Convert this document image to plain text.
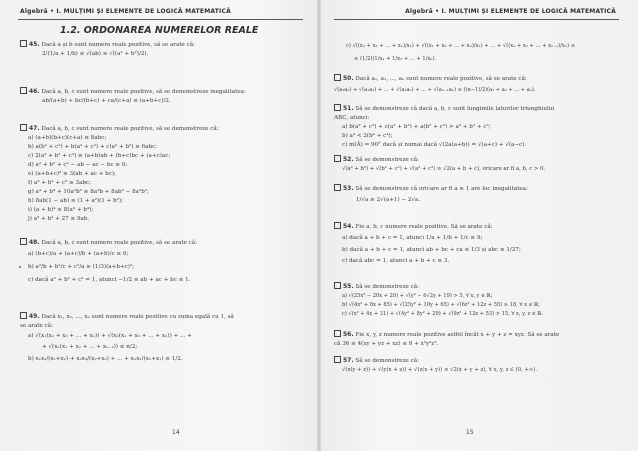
Algebră • I. MULȚIMI ȘI ELEMENTE DE LOGICĂ MATEMATICĂ
1.2. ORDONAREA NUMERELOR REALE
45. Dacă a și b sunt numere reale pozitive, să se arate că:
2/(1/a + 1/b) ≤ √(ab) ≤ √((a² + b²)/2).
46. Dacă a, b, c sunt numere reale pozitive, să se demonstreze inegalitatea:
ab/(a+b) + bc/(b+c) + ca/(c+a) ≤ (a+b+c)/2.
47. Dacă a, b, c sunt numere reale pozitive, să se demonstreze că:
a) (a+b)(b+c)(c+a) ≥ 8abc;
b) a(b² + c²) + b(a² + c²) + c(a² + b²) ≥ 6abc;
c) 2(a³ + b³ + c³) ≥ (a+b)ab + (b+c)bc + (a+c)ac;
d) a² + b² + c² − ab − ac − bc ≥ 0;
e) (a+b+c)² ≥ 3(ab + ac + bc);
f) a³ + b³ + c³ ≥ 3abc;
g) a⁴ + b⁴ + 10a²b² ≥ 8a³b + 8ab³ − 8a²b²;
h) 8ab(1 − ab) ≤ (1 + a²)(1 + b²);
i) (a + b)⁴ ≤ 8(a⁴ + b⁴);
j) a³ + b³ + 27 ≥ 9ab.
48. Dacă a, b, c sunt numere reale pozitive, să se arate că:
a) (b+c)/a + (a+c)/b + (a+b)/c ≥ 6;
b) a²/b + b²/c + c²/a ≥ (1/3)(a+b+c)²;
c) dacă a² + b² + c² = 1, atunci −1/2 ≤ ab + ac + bc ≤ 1.
49. Dacă x₁, x₂, ..., xₙ sunt numere reale pozitive cu suma egală cu 1, să
se arate că:
a) √(x₁(x₂ + x₃ + ... + xₙ)) + √(x₂(x₁ + x₃ + ... + xₙ)) + ... +
+ √(xₙ(x₁ + x₂ + ... + xₙ₋₁)) ≤ n/2;
b) x₁x₂/(x₁+x₂) + x₂x₃/(x₂+x₃) + ... + xₙx₁/(xₙ+x₁) ≤ 1/2.
14
Algebră • I. MULȚIMI ȘI ELEMENTE DE LOGICĂ MATEMATICĂ
c) √((x₂ + x₃ + ... + xₙ)/x₁) + √((x₁ + x₃ + ... + xₙ)/x₂) + ... + √((x₁ + x₂ + ... + xₙ₋₁)/xₙ) ≤
≤ (1/2)(1/x₁ + 1/x₂ + ... + 1/xₙ).
50. Dacă a₁, a₂, ..., aₙ sunt numere reale pozitive, să se arate că:
√(a₁a₂) + √(a₁a₃) + ... + √(a₁aₙ) + ... + √(aₙ₋₁aₙ) ≤ ((n−1)/2)(a₁ + a₂ + ... + aₙ).
51. Să se demonstreze că dacă a, b, c sunt lungimile laturilor triunghiului
ABC, atunci:
a) b(a² + c²) + c(a² + b²) + a(b² + c²) > a³ + b³ + c³;
b) a⁴ < 2(b⁴ + c⁴);
c) m(Â) = 90° dacă și numai dacă √(2a(a+b)) = √(a+c) + √(a−c).
52. Să se demonstreze că:
√(a² + b²) + √(b² + c²) + √(a² + c²) ≥ √2(a + b + c), oricare ar fi a, b, c > 0.
53. Să se demonstreze că oricare ar fi a ≥ 1 are loc inegalitatea:
1/√a ≥ 2√(a+1) − 2√a.
54. Fie a, b, c numere reale pozitive. Să se arate că:
a) dacă a + b + c = 1, atunci 1/a + 1/b + 1/c ≥ 9;
b) dacă a + b + c = 1, atunci ab + bc + ca ≤ 1/3 și abc ≤ 1/27;
c) dacă abc = 1, atunci a + b + c ≥ 3.
55. Să se demonstreze că:
a) √(25x² − 20x + 20) + √(y² − 6√2y + 19) > 5, ∀ x, y ∈ ℝ;
b) √(4x² + 8x + 85) + √(25y² + 10y + 65) + √(6z² + 12z + 55) ≥ 18, ∀ x ∈ ℝ;
c) √(x² + 4x + 31) + √(4y² + 8y² + 29) + √(9z² + 12z + 53) > 15, ∀ x, y, z ∈ ℝ.
56. Fie x, y, z numere reale pozitive astfel încât x + y + z = xyz. Să se arate
că 36 ≤ 4(xy + yz + xz) ≤ 9 + x²y²z².
57. Să se demonstreze că:
√(x(y + z)) + √(y(x + z)) + √(z(x + y)) ≤ √2(x + y + z), ∀ x, y, z ∈ (0, +∞).
15
